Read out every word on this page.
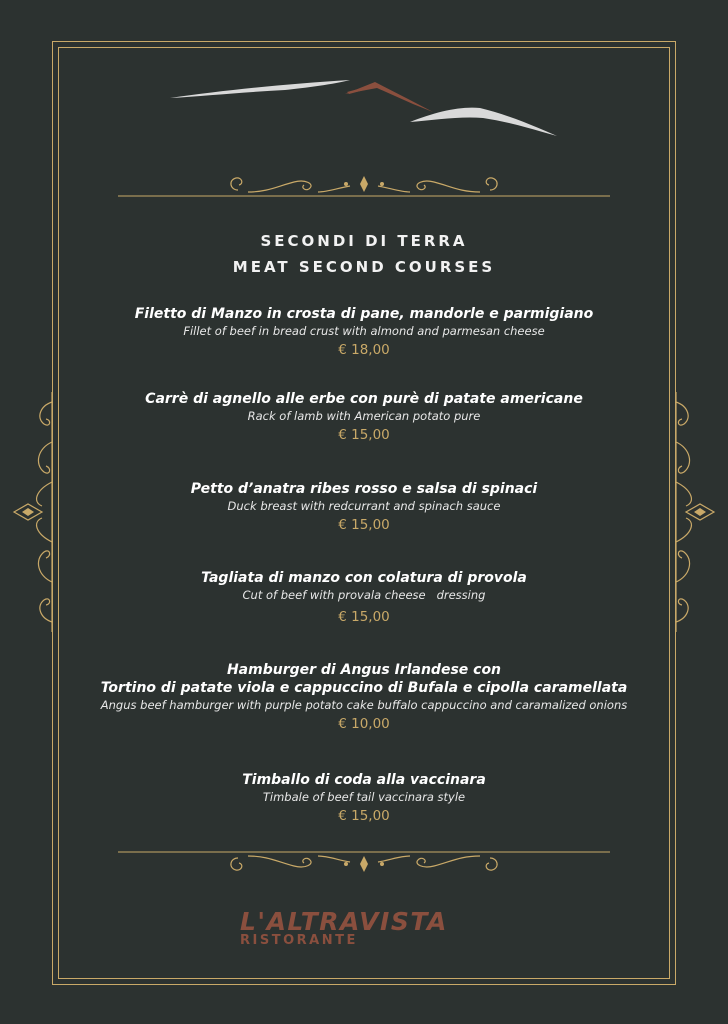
SECONDI DI TERRA
MEAT SECOND COURSES
Filetto di Manzo in crosta di pane, mandorle e parmigiano
Fillet of beef in bread crust with almond and parmesan cheese
€ 18,00
Carrè di agnello alle erbe con purè di patate americane
Rack of lamb with American potato pure
€ 15,00
Petto d’anatra ribes rosso e salsa di spinaci
Duck breast with redcurrant and spinach sauce
€ 15,00
Tagliata di manzo con colatura di provola
Cut of beef with provala cheese   dressing
€ 15,00
Hamburger di Angus Irlandese con
Tortino di patate viola e cappuccino di Bufala e cipolla caramellata
Angus beef hamburger with purple potato cake buffalo cappuccino and caramalized onions
€ 10,00
Timballo di coda alla vaccinara
Timbale of beef tail vaccinara style
€ 15,00
L'ALTRAVISTA
RISTORANTE
